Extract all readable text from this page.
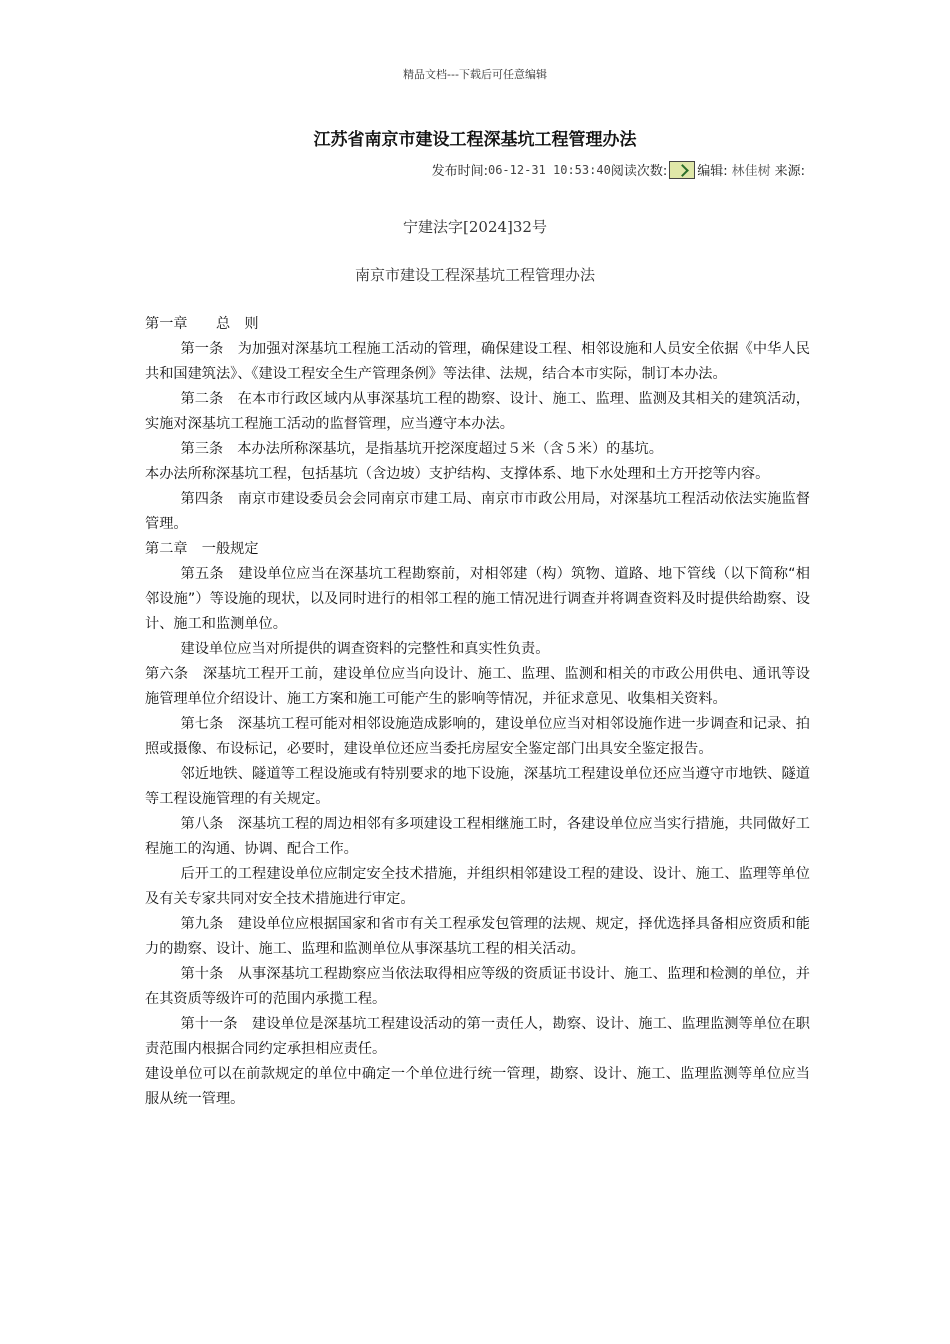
精品文档---下载后可任意编辑
江苏省南京市建设工程深基坑工程管理办法
发布时间: 06-12-31 10:53:40 阅读次数: 编辑: 林佳树 来源:
宁建法字[2024]32号
南京市建设工程深基坑工程管理办法

第一章　　总　则

第一条　为加强对深基坑工程施工活动的管理，确保建设工程、相邻设施和人员安全依据《中华人民共和国建筑法》、《建设工程安全生产管理条例》等法律、法规，结合本市实际，制订本办法。

第二条　在本市行政区域内从事深基坑工程的勘察、设计、施工、监理、监测及其相关的建筑活动，实施对深基坑工程施工活动的监督管理，应当遵守本办法。

第三条　本办法所称深基坑，是指基坑开挖深度超过５米（含５米）的基坑。

本办法所称深基坑工程，包括基坑（含边坡）支护结构、支撑体系、地下水处理和土方开挖等内容。

第四条　南京市建设委员会会同南京市建工局、南京市市政公用局，对深基坑工程活动依法实施监督管理。

第二章　一般规定

第五条　建设单位应当在深基坑工程勘察前，对相邻建（构）筑物、道路、地下管线（以下简称“相邻设施”）等设施的现状，以及同时进行的相邻工程的施工情况进行调查并将调查资料及时提供给勘察、设计、施工和监测单位。

建设单位应当对所提供的调查资料的完整性和真实性负责。

第六条　深基坑工程开工前，建设单位应当向设计、施工、监理、监测和相关的市政公用供电、通讯等设施管理单位介绍设计、施工方案和施工可能产生的影响等情况，并征求意见、收集相关资料。

第七条　深基坑工程可能对相邻设施造成影响的，建设单位应当对相邻设施作进一步调查和记录、拍照或摄像、布设标记，必要时，建设单位还应当委托房屋安全鉴定部门出具安全鉴定报告。

邻近地铁、隧道等工程设施或有特别要求的地下设施，深基坑工程建设单位还应当遵守市地铁、隧道等工程设施管理的有关规定。

第八条　深基坑工程的周边相邻有多项建设工程相继施工时，各建设单位应当实行措施，共同做好工程施工的沟通、协调、配合工作。

后开工的工程建设单位应制定安全技术措施，并组织相邻建设工程的建设、设计、施工、监理等单位及有关专家共同对安全技术措施进行审定。

第九条　建设单位应根据国家和省市有关工程承发包管理的法规、规定，择优选择具备相应资质和能力的勘察、设计、施工、监理和监测单位从事深基坑工程的相关活动。

第十条　从事深基坑工程勘察应当依法取得相应等级的资质证书设计、施工、监理和检测的单位，并在其资质等级许可的范围内承揽工程。

第十一条　建设单位是深基坑工程建设活动的第一责任人，勘察、设计、施工、监理监测等单位在职责范围内根据合同约定承担相应责任。

建设单位可以在前款规定的单位中确定一个单位进行统一管理，勘察、设计、施工、监理监测等单位应当服从统一管理。
